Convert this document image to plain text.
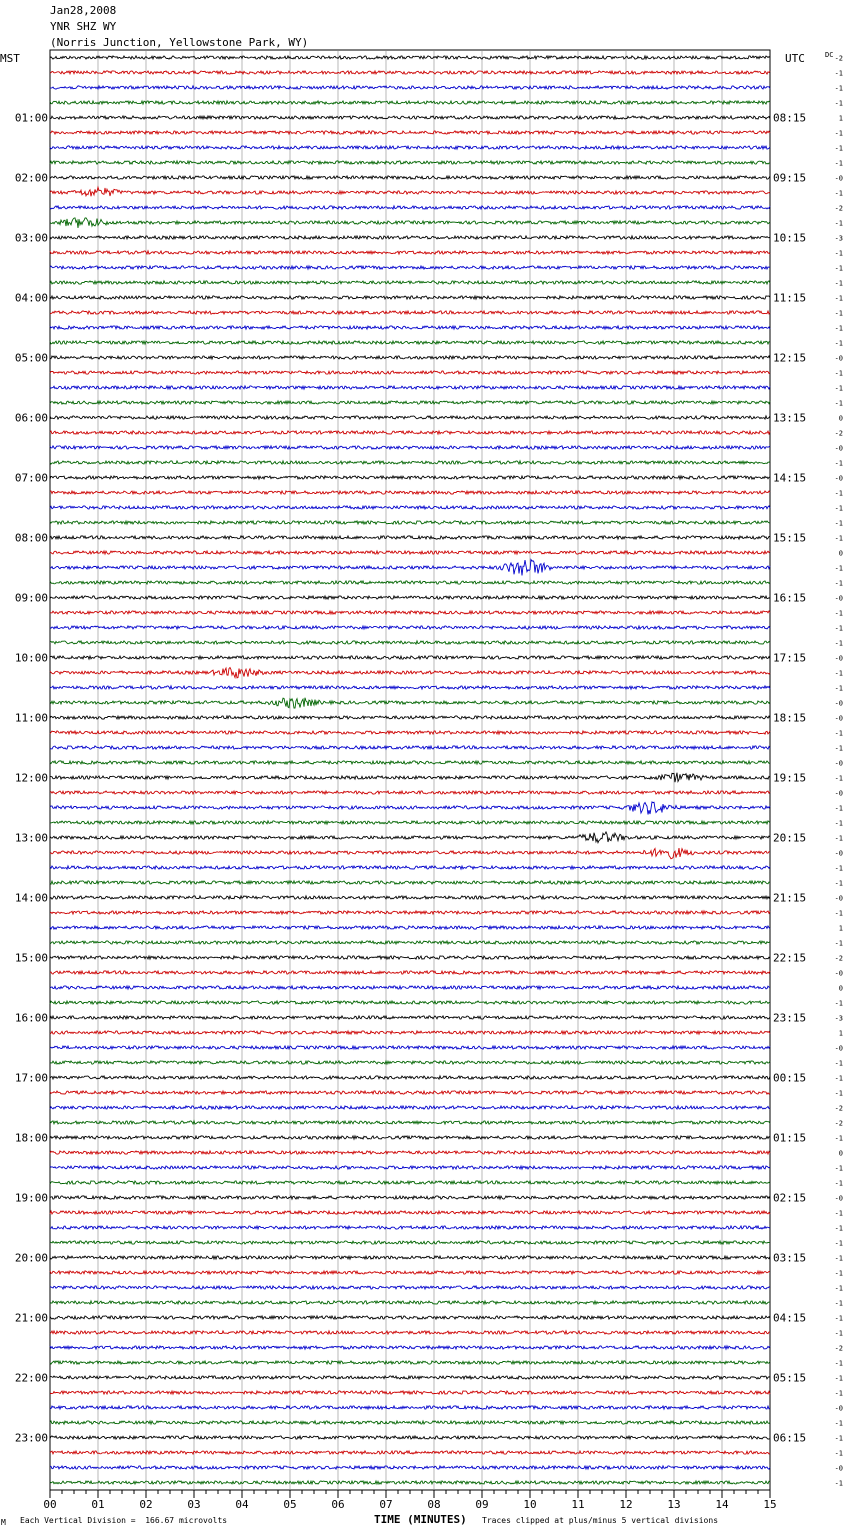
Jan28,2008
YNR SHZ WY
(Norris Junction, Yellowstone Park, WY)
MST	UTC
01:00
02:00
03:00
04:00
05:00
06:00
07:00
08:00
09:00
10:00
11:00
12:00
13:00
14:00
15:00
16:00
17:00
18:00
19:00
20:00
21:00
22:00
23:00
08:15
09:15
10:15
11:15
12:15
13:15
14:15
15:15
16:15
17:15
18:15
19:15
20:15
21:15
22:15
23:15
00:15
01:15
02:15
03:15
04:15
05:15
06:15
DC -2
-1
-1
-1
1
-1
-1
-1
-0
-1
-2
-1
-3
-1
-1
-1
-1
-1
-1
-1
-0
-1
-1
-1
0
-2
-0
-1
-0
-1
-1
-1
-1
0
-1
-1
-0
-1
-1
-1
-0
-1
-1
-0
-0
-1
-1
-0
-1
-0
-1
-1
-1
-0
-1
-1
-0
-1
1
-1
-2
-0
0
-1
-3
1
-0
-1
-1
-1
-2
-2
-1
0
-1
-1
-0
-1
-1
-1
-1
-1
-1
-1
-1
-1
-2
-1
-1
-1
-0
-1
-1
-1
-0
-1
00	01	02	03	04	05	06	07	08	09	10	11	12	13	14	15
TIME (MINUTES)
M Each Vertical Division =  166.67 microvolts	Traces clipped at plus/minus 5 vertical divisions
